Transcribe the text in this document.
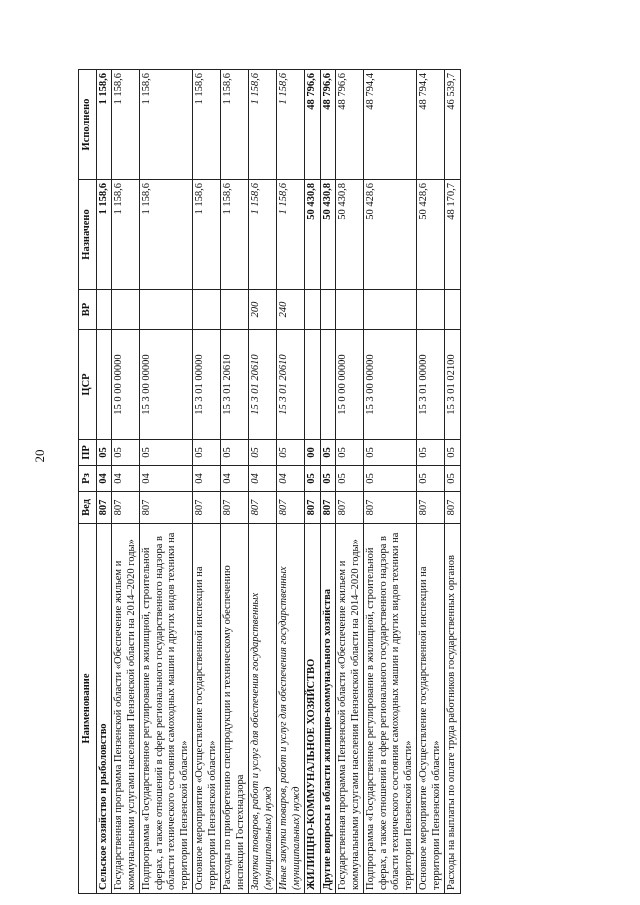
20
Наименование	Вед	Рз	ПР	ЦСР	ВР	Назначено	Исполнено
Сельское хозяйство и рыболовство	807	04	05			1 158,6	1 158,6
Государственная программа Пензенской области «Обеспечение жильем и коммунальными услугами населения Пензенской области на 2014–2020 годы»	807	04	05	15 0 00 00000		1 158,6	1 158,6
Подпрограмма «Государственное регулирование в жилищной, строительной сферах, а также отношений в сфере регионального государственного надзора в области технического состояния самоходных машин и других видов техники на территории Пензенской области»	807	04	05	15 3 00 00000		1 158,6	1 158,6
Основное мероприятие «Осуществление государственной инспекции на территории Пензенской области»	807	04	05	15 3 01 00000		1 158,6	1 158,6
Расходы по приобретению спецпродукции и техническому обеспечению инспекции Гостехнадзора	807	04	05	15 3 01 20610		1 158,6	1 158,6
Закупка товаров, работ и услуг для обеспечения государственных (муниципальных) нужд	807	04	05	15 3 01 20610	200	1 158,6	1 158,6
Иные закупки товаров, работ и услуг для обеспечения государственных (муниципальных) нужд	807	04	05	15 3 01 20610	240	1 158,6	1 158,6
ЖИЛИЩНО-КОММУНАЛЬНОЕ ХОЗЯЙСТВО	807	05	00			50 430,8	48 796,6
Другие вопросы в области жилищно-коммунального хозяйства	807	05	05			50 430,8	48 796,6
Государственная программа Пензенской области «Обеспечение жильем и коммунальными услугами населения Пензенской области на 2014–2020 годы»	807	05	05	15 0 00 00000		50 430,8	48 796,6
Подпрограмма «Государственное регулирование в жилищной, строительной сферах, а также отношений в сфере регионального государственного надзора в области технического состояния самоходных машин и других видов техники на территории Пензенской области»	807	05	05	15 3 00 00000		50 428,6	48 794,4
Основное мероприятие «Осуществление государственной инспекции на территории Пензенской области»	807	05	05	15 3 01 00000		50 428,6	48 794,4
Расходы на выплаты по оплате труда работников государственных органов	807	05	05	15 3 01 02100		48 170,7	46 539,7
